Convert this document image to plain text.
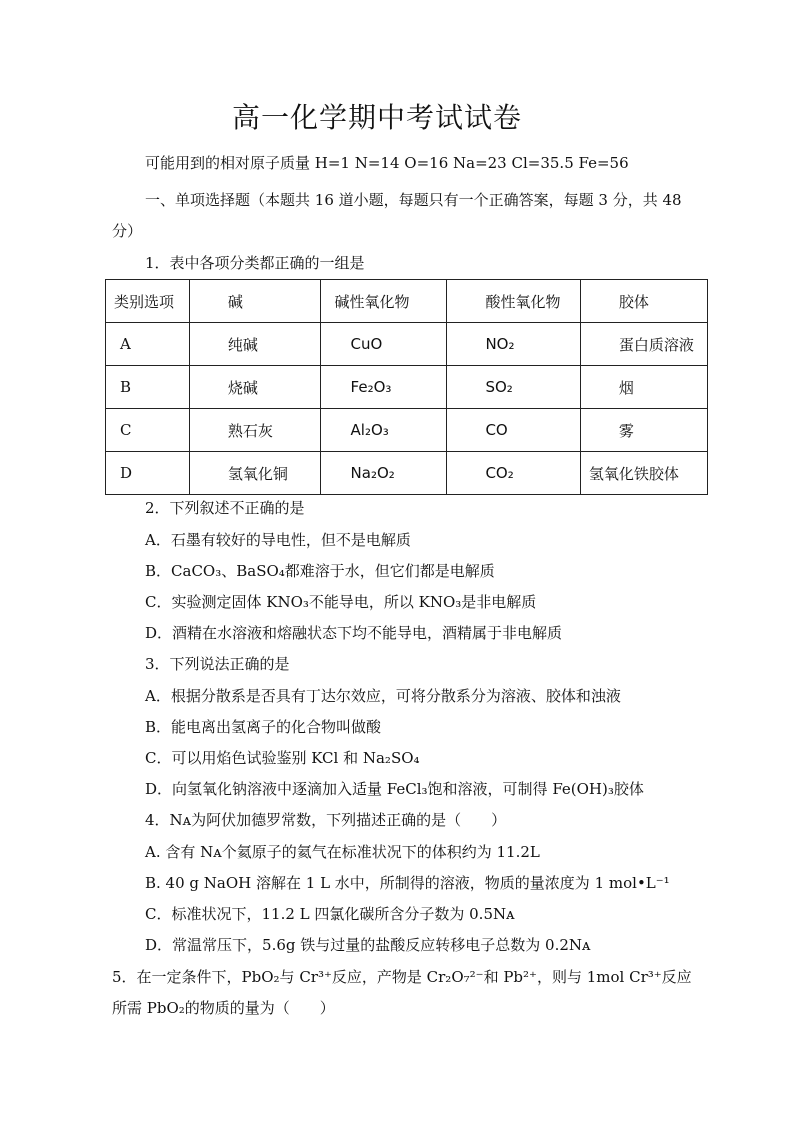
高一化学期中考试试卷
可能用到的相对原子质量 H=1 N=14 O=16 Na=23 Cl=35.5 Fe=56
一、单项选择题（本题共 16 道小题，每题只有一个正确答案，每题 3 分，共 48
分）
1．表中各项分类都正确的一组是
类别选项	碱	碱性氧化物	酸性氧化物	胶体
A	纯碱	CuO	NO₂	蛋白质溶液
B	烧碱	Fe₂O₃	SO₂	烟
C	熟石灰	Al₂O₃	CO	雾
D	氢氧化铜	Na₂O₂	CO₂	氢氧化铁胶体
2．下列叙述不正确的是
A．石墨有较好的导电性，但不是电解质
B．CaCO₃、BaSO₄都难溶于水，但它们都是电解质
C．实验测定固体 KNO₃不能导电，所以 KNO₃是非电解质
D．酒精在水溶液和熔融状态下均不能导电，酒精属于非电解质
3．下列说法正确的是
A．根据分散系是否具有丁达尔效应，可将分散系分为溶液、胶体和浊液
B．能电离出氢离子的化合物叫做酸
C．可以用焰色试验鉴别 KCl 和 Na₂SO₄
D．向氢氧化钠溶液中逐滴加入适量 FeCl₃饱和溶液，可制得 Fe(OH)₃胶体
4．Nᴀ为阿伏加德罗常数，下列描述正确的是（　　）
A. 含有 Nᴀ个氦原子的氦气在标准状况下的体积约为 11.2L
B. 40 g NaOH 溶解在 1 L 水中，所制得的溶液，物质的量浓度为 1 mol•L⁻¹
C．标准状况下，11.2 L 四氯化碳所含分子数为 0.5Nᴀ
D．常温常压下，5.6g 铁与过量的盐酸反应转移电子总数为 0.2Nᴀ
5．在一定条件下，PbO₂与 Cr³⁺反应，产物是 Cr₂O₇²⁻和 Pb²⁺，则与 1mol Cr³⁺反应
所需 PbO₂的物质的量为（　　）
